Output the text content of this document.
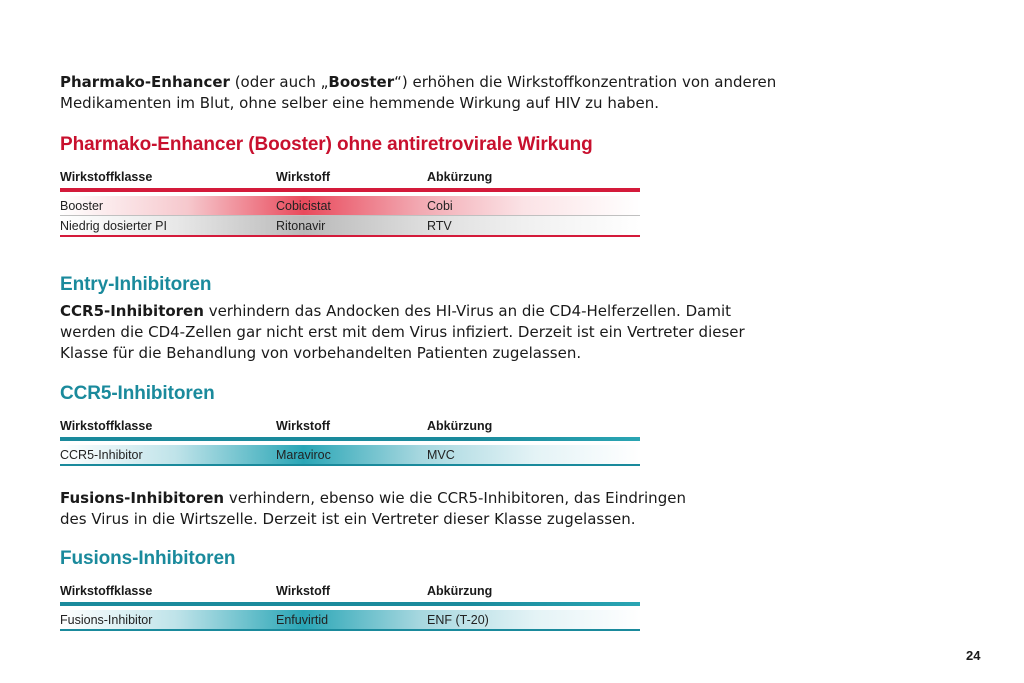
Pharmako-Enhancer (oder auch „Booster“) erhöhen die Wirkstoffkonzentration von anderen
Medikamenten im Blut, ohne selber eine hemmende Wirkung auf HIV zu haben.
Pharmako-Enhancer (Booster) ohne antiretrovirale Wirkung
Wirkstoffklasse	Wirkstoff	Abkürzung
Booster	Cobicistat	Cobi
Niedrig dosierter PI	Ritonavir	RTV
Entry-Inhibitoren
CCR5-Inhibitoren verhindern das Andocken des HI-Virus an die CD4-Helferzellen. Damit
werden die CD4-Zellen gar nicht erst mit dem Virus infiziert. Derzeit ist ein Vertreter dieser
Klasse für die Behandlung von vorbehandelten Patienten zugelassen.
CCR5-Inhibitoren
Wirkstoffklasse	Wirkstoff	Abkürzung
CCR5-Inhibitor	Maraviroc	MVC
Fusions-Inhibitoren verhindern, ebenso wie die CCR5-Inhibitoren, das Eindringen
des Virus in die Wirtszelle. Derzeit ist ein Vertreter dieser Klasse zugelassen.
Fusions-Inhibitoren
Wirkstoffklasse	Wirkstoff	Abkürzung
Fusions-Inhibitor	Enfuvirtid	ENF (T-20)
24
